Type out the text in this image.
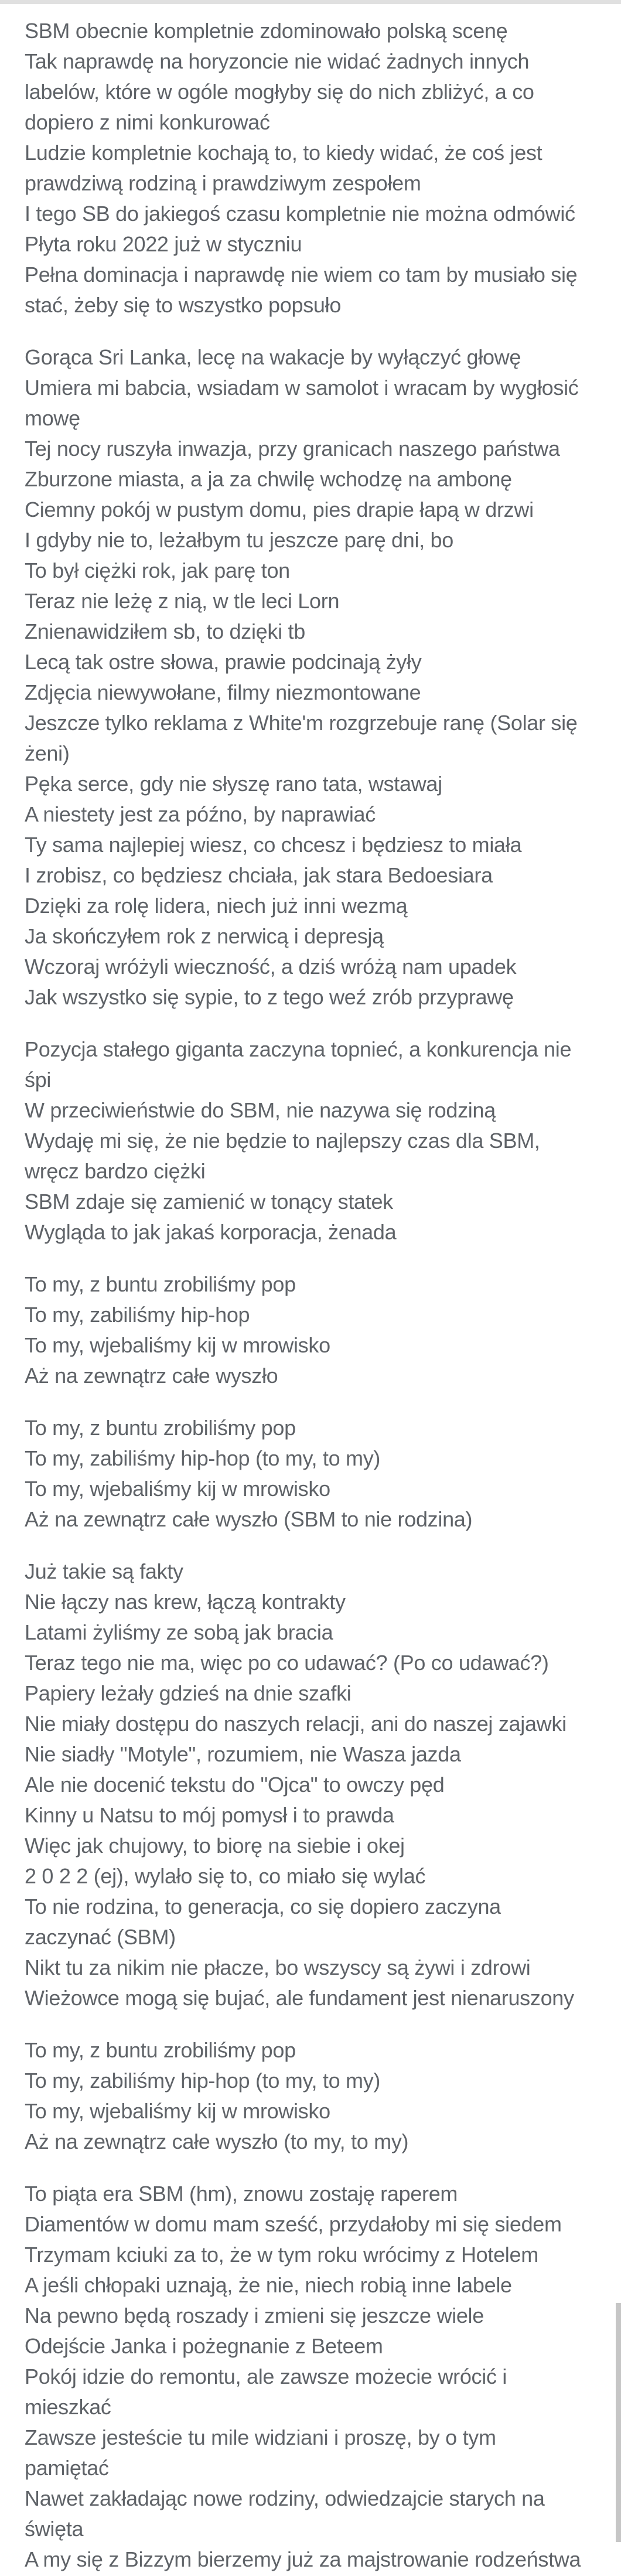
SBM obecnie kompletnie zdominowało polską scenę
Tak naprawdę na horyzoncie nie widać żadnych innych
labelów, które w ogóle mogłyby się do nich zbliżyć, a co
dopiero z nimi konkurować
Ludzie kompletnie kochają to, to kiedy widać, że coś jest
prawdziwą rodziną i prawdziwym zespołem
I tego SB do jakiegoś czasu kompletnie nie można odmówić
Płyta roku 2022 już w styczniu
Pełna dominacja i naprawdę nie wiem co tam by musiało się
stać, żeby się to wszystko popsuło
Gorąca Sri Lanka, lecę na wakacje by wyłączyć głowę
Umiera mi babcia, wsiadam w samolot i wracam by wygłosić
mowę
Tej nocy ruszyła inwazja, przy granicach naszego państwa
Zburzone miasta, a ja za chwilę wchodzę na ambonę
Ciemny pokój w pustym domu, pies drapie łapą w drzwi
I gdyby nie to, leżałbym tu jeszcze parę dni, bo
To był ciężki rok, jak parę ton
Teraz nie leżę z nią, w tle leci Lorn
Znienawidziłem sb, to dzięki tb
Lecą tak ostre słowa, prawie podcinają żyły
Zdjęcia niewywołane, filmy niezmontowane
Jeszcze tylko reklama z White'm rozgrzebuje ranę (Solar się
żeni)
Pęka serce, gdy nie słyszę rano tata, wstawaj
A niestety jest za późno, by naprawiać
Ty sama najlepiej wiesz, co chcesz i będziesz to miała
I zrobisz, co będziesz chciała, jak stara Bedoesiara
Dzięki za rolę lidera, niech już inni wezmą
Ja skończyłem rok z nerwicą i depresją
Wczoraj wróżyli wieczność, a dziś wróżą nam upadek
Jak wszystko się sypie, to z tego weź zrób przyprawę
Pozycja stałego giganta zaczyna topnieć, a konkurencja nie
śpi
W przeciwieństwie do SBM, nie nazywa się rodziną
Wydaję mi się, że nie będzie to najlepszy czas dla SBM,
wręcz bardzo ciężki
SBM zdaje się zamienić w tonący statek
Wygląda to jak jakaś korporacja, żenada
To my, z buntu zrobiliśmy pop
To my, zabiliśmy hip-hop
To my, wjebaliśmy kij w mrowisko
Aż na zewnątrz całe wyszło
To my, z buntu zrobiliśmy pop
To my, zabiliśmy hip-hop (to my, to my)
To my, wjebaliśmy kij w mrowisko
Aż na zewnątrz całe wyszło (SBM to nie rodzina)
Już takie są fakty
Nie łączy nas krew, łączą kontrakty
Latami żyliśmy ze sobą jak bracia
Teraz tego nie ma, więc po co udawać? (Po co udawać?)
Papiery leżały gdzieś na dnie szafki
Nie miały dostępu do naszych relacji, ani do naszej zajawki
Nie siadły "Motyle", rozumiem, nie Wasza jazda
Ale nie docenić tekstu do "Ojca" to owczy pęd
Kinny u Natsu to mój pomysł i to prawda
Więc jak chujowy, to biorę na siebie i okej
2 0 2 2 (ej), wylało się to, co miało się wylać
To nie rodzina, to generacja, co się dopiero zaczyna
zaczynać (SBM)
Nikt tu za nikim nie płacze, bo wszyscy są żywi i zdrowi
Wieżowce mogą się bujać, ale fundament jest nienaruszony
To my, z buntu zrobiliśmy pop
To my, zabiliśmy hip-hop (to my, to my)
To my, wjebaliśmy kij w mrowisko
Aż na zewnątrz całe wyszło (to my, to my)
To piąta era SBM (hm), znowu zostaję raperem
Diamentów w domu mam sześć, przydałoby mi się siedem
Trzymam kciuki za to, że w tym roku wrócimy z Hotelem
A jeśli chłopaki uznają, że nie, niech robią inne labele
Na pewno będą roszady i zmieni się jeszcze wiele
Odejście Janka i pożegnanie z Beteem
Pokój idzie do remontu, ale zawsze możecie wrócić i
mieszkać
Zawsze jesteście tu mile widziani i proszę, by o tym
pamiętać
Nawet zakładając nowe rodziny, odwiedzajcie starych na
święta
A my się z Bizzym bierzemy już za majstrowanie rodzeństwa
